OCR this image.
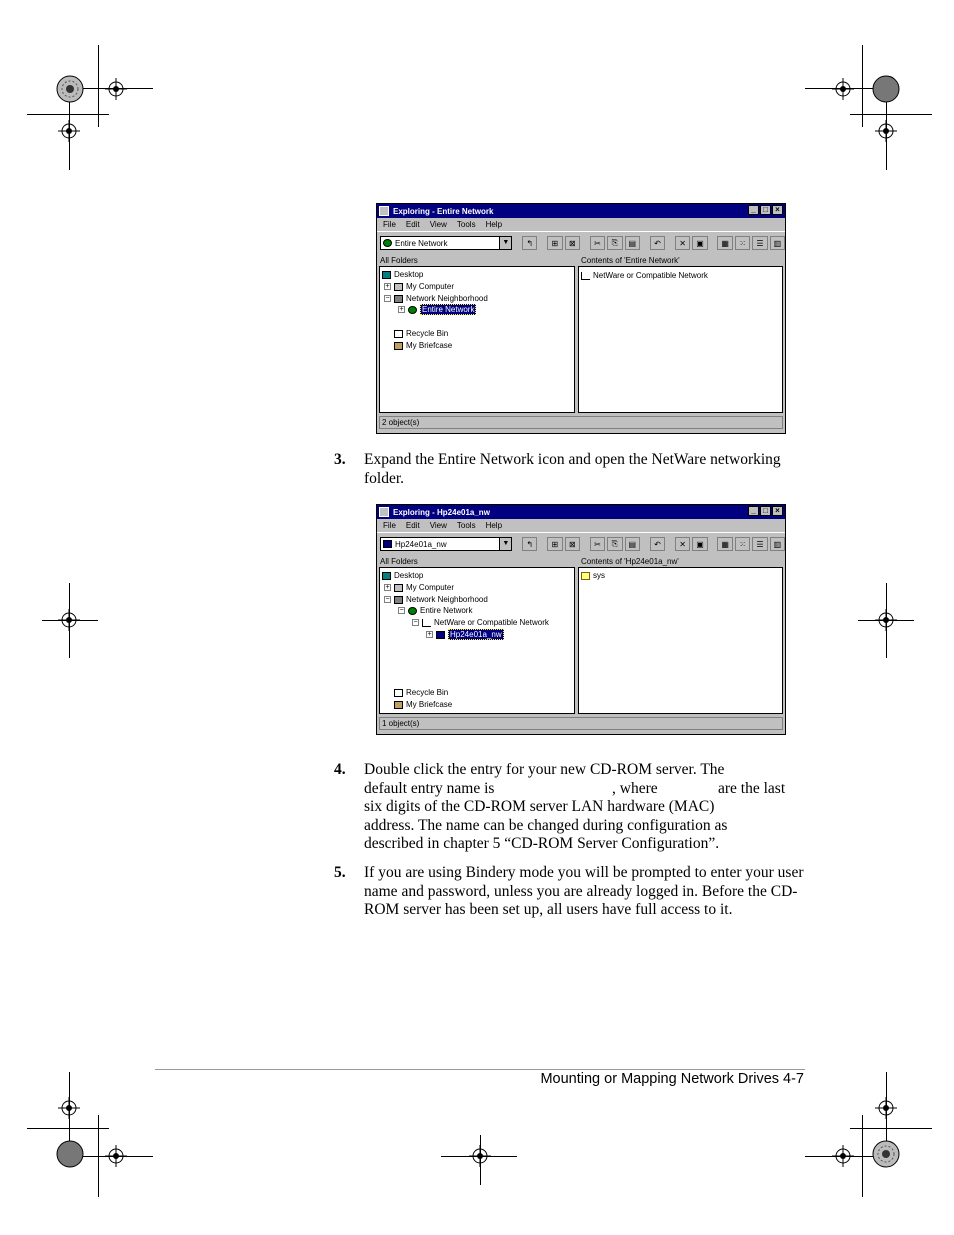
Exploring - Entire Network	_ □ ×
File Edit View Tools Help
Entire Network	▼	↰	⊞	⊠	✂	⎘	▤	↶	✕	▣	▦	⁙	☰	▥
All Folders	Contents of 'Entire Network'
Desktop
+ My Computer
− Network Neighborhood
+ Entire Network
Recycle Bin
My Briefcase
NetWare or Compatible Network
2 object(s)
3. Expand the Entire Network icon and open the NetWare networking folder.
Exploring - Hp24e01a_nw	_ □ ×
File Edit View Tools Help
Hp24e01a_nw	▼	↰	⊞	⊠	✂	⎘	▤	↶	✕	▣	▦	⁙	☰	▥
All Folders	Contents of 'Hp24e01a_nw'
Desktop
+ My Computer
− Network Neighborhood
− Entire Network
− NetWare or Compatible Network
+ Hp24e01a_nw
Recycle Bin
My Briefcase
sys
1 object(s)
4. Double click the entry for your new CD-ROM server. The
default entry name is	, where	are the last
six digits of the CD-ROM server LAN hardware (MAC)
address. The name can be changed during configuration as
described in chapter 5 “CD-ROM Server Configuration”.
5. If you are using Bindery mode you will be prompted to enter your user name and password, unless you are already logged in. Before the CD-ROM server has been set up, all users have full access to it.
Mounting or Mapping Network Drives 4-7
